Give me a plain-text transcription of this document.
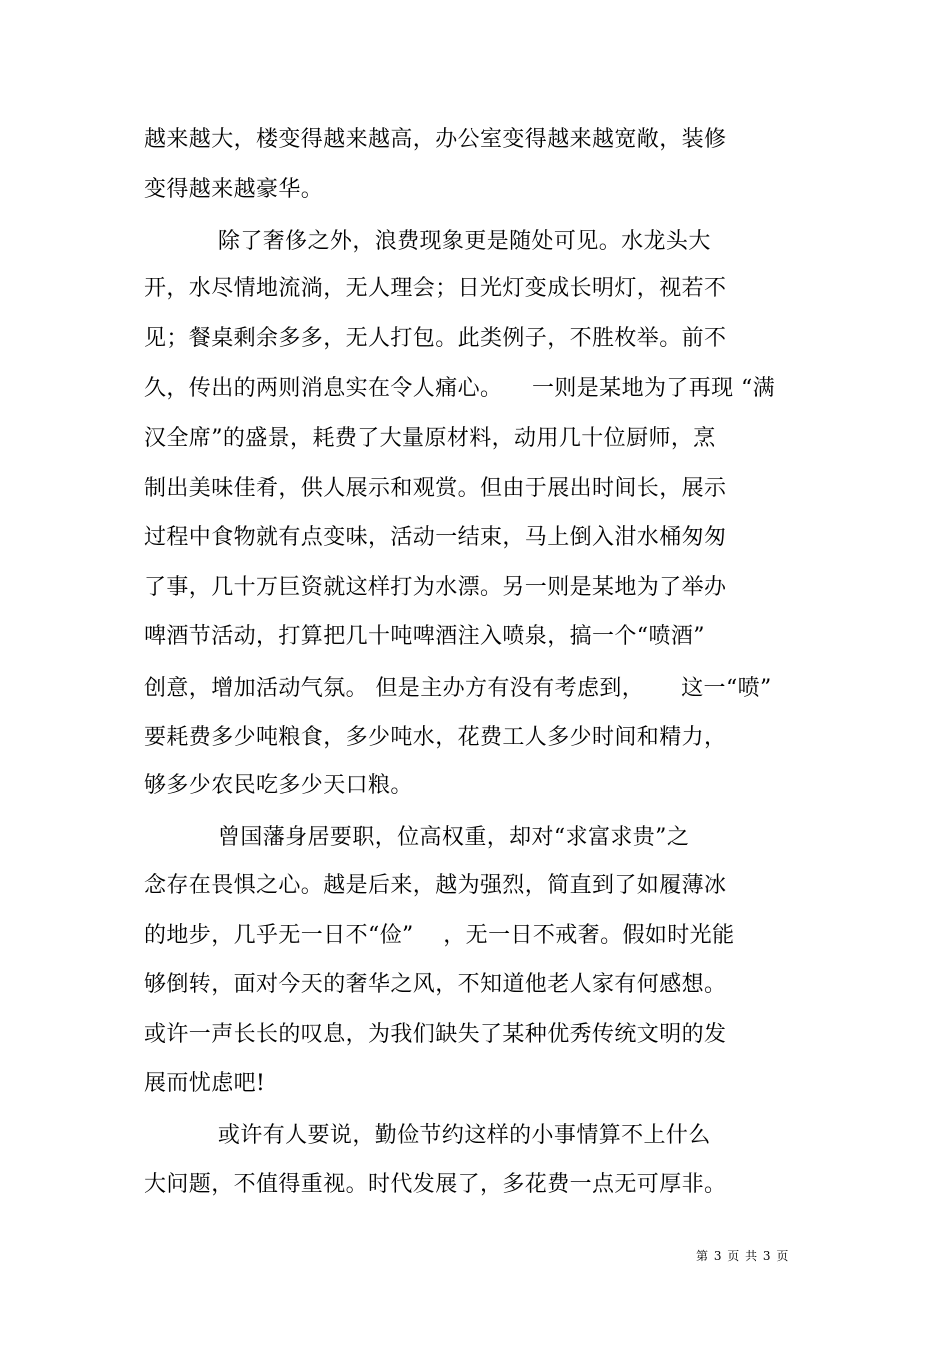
越来越大，楼变得越来越高，办公室变得越来越宽敞，装修
变得越来越豪华。
除了奢侈之外，浪费现象更是随处可见。水龙头大
开，水尽情地流淌，无人理会；日光灯变成长明灯，视若不
见；餐桌剩余多多，无人打包。此类例子，不胜枚举。前不
久，传出的两则消息实在令人痛心。    一则是某地为了再现 “满
汉全席”的盛景，耗费了大量原材料，动用几十位厨师，烹
制出美味佳肴，供人展示和观赏。但由于展出时间长，展示
过程中食物就有点变味，活动一结束，马上倒入泔水桶匆匆
了事，几十万巨资就这样打为水漂。另一则是某地为了举办
啤酒节活动，打算把几十吨啤酒注入喷泉，搞一个“喷酒”
创意，增加活动气氛。 但是主办方有没有考虑到，     这一“喷”
要耗费多少吨粮食，多少吨水，花费工人多少时间和精力，
够多少农民吃多少天口粮。
曾国藩身居要职，位高权重，却对“求富求贵”之
念存在畏惧之心。越是后来，越为强烈，简直到了如履薄冰
的地步，几乎无一日不“俭”    ，无一日不戒奢。假如时光能
够倒转，面对今天的奢华之风，不知道他老人家有何感想。
或许一声长长的叹息，为我们缺失了某种优秀传统文明的发
展而忧虑吧!
或许有人要说，勤俭节约这样的小事情算不上什么
大问题，不值得重视。时代发展了，多花费一点无可厚非。
第 3 页 共 3 页
